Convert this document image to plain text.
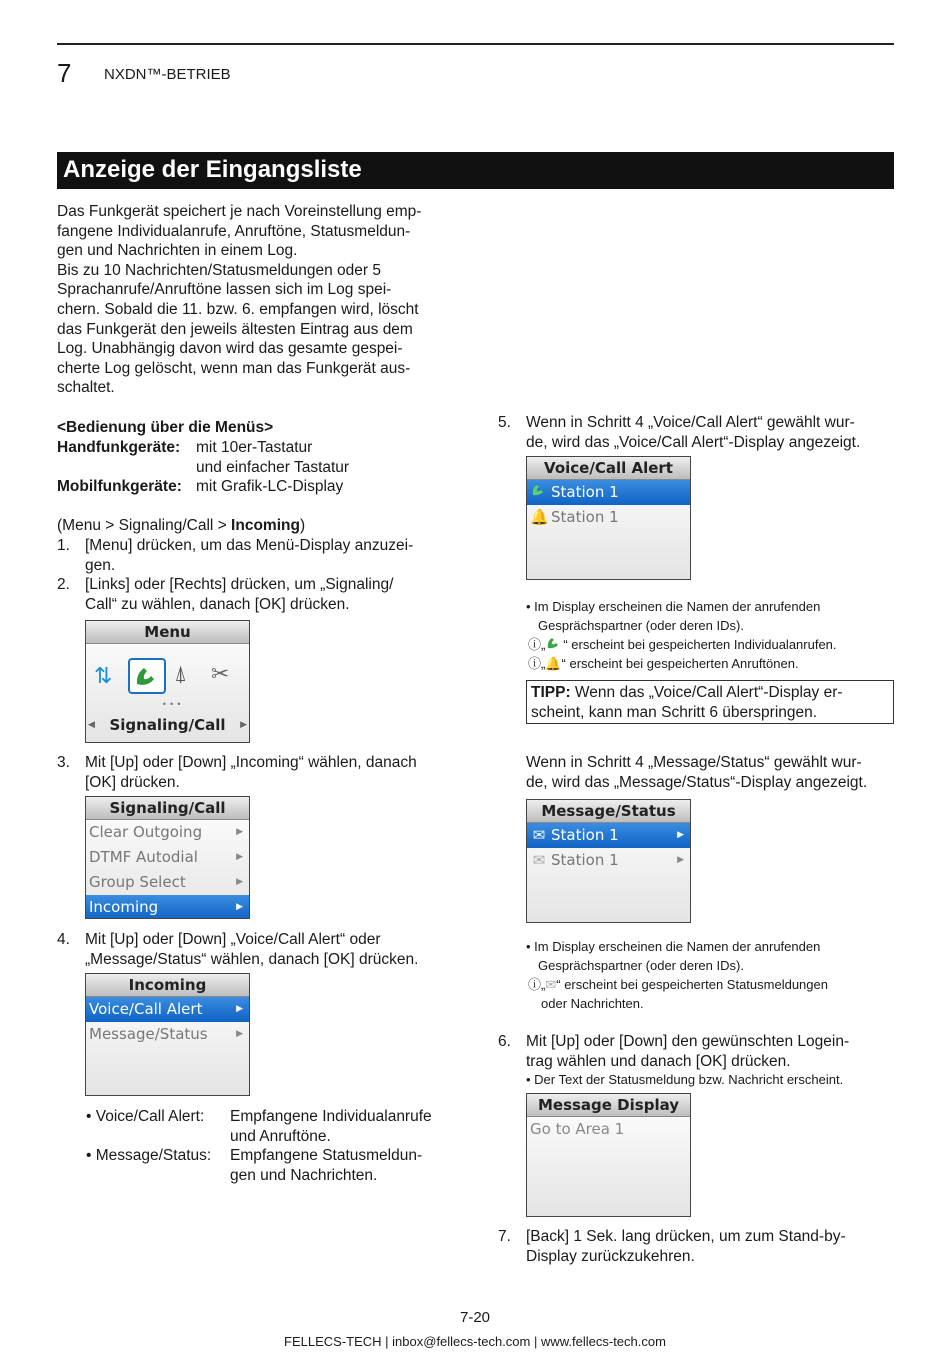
7 NXDN™-BETRIEB
Anzeige der Eingangsliste
Das Funkgerät speichert je nach Voreinstellung emp-
fangene Individualanrufe, Anruftöne, Statusmeldun-
gen und Nachrichten in einem Log.
Bis zu 10 Nachrichten/Statusmeldungen oder 5
Sprachanrufe/Anruftöne lassen sich im Log spei-
chern. Sobald die 11. bzw. 6. empfangen wird, löscht
das Funkgerät den jeweils ältesten Eintrag aus dem
Log. Unabhängig davon wird das gesamte gespei-
cherte Log gelöscht, wenn man das Funkgerät aus-
schaltet.
<Bedienung über die Menüs>
Handfunkgeräte: mit 10er-Tastatur
und einfacher Tastatur
Mobilfunkgeräte: mit Grafik-LC-Display
(Menu > Signaling/Call > Incoming)
1. [Menu] drücken, um das Menü-Display anzuzei-
gen.
2. [Links] oder [Rechts] drücken, um „Signaling/
Call“ zu wählen, danach [OK] drücken.
Menu
⇅	⍋ ✂
• • •
◀ Signaling/Call ▶
3. Mit [Up] oder [Down] „Incoming“ wählen, danach
[OK] drücken.
Signaling/Call
Clear Outgoing	▶
DTMF Autodial	▶
Group Select	▶
Incoming	▶
4. Mit [Up] oder [Down] „Voice/Call Alert“ oder
„Message/Status“ wählen, danach [OK] drücken.
Incoming
Voice/Call Alert	▶
Message/Status	▶
• Voice/Call Alert: Empfangene Individualanrufe
und Anruftöne.
• Message/Status: Empfangene Statusmeldun-
gen und Nachrichten.
5. Wenn in Schritt 4 „Voice/Call Alert“ gewählt wur-
de, wird das „Voice/Call Alert“-Display angezeigt.
Voice/Call Alert
Station 1
🔔 Station 1
• Im Display erscheinen die Namen der anrufenden
Gesprächspartner (oder deren IDs).
ⓘ„ “ erscheint bei gespeicherten Individualanrufen.
ⓘ„🔔“ erscheint bei gespeicherten Anruftönen.
TIPP: Wenn das „Voice/Call Alert“-Display er-
scheint, kann man Schritt 6 überspringen.
Wenn in Schritt 4 „Message/Status“ gewählt wur-
de, wird das „Message/Status“-Display angezeigt.
Message/Status
✉ Station 1	▶
✉ Station 1	▶
• Im Display erscheinen die Namen der anrufenden
Gesprächspartner (oder deren IDs).
ⓘ„✉“ erscheint bei gespeicherten Statusmeldungen
oder Nachrichten.
6. Mit [Up] oder [Down] den gewünschten Logein-
trag wählen und danach [OK] drücken.
• Der Text der Statusmeldung bzw. Nachricht erscheint.
Message Display
Go to Area 1
7. [Back] 1 Sek. lang drücken, um zum Stand-by-
Display zurückzukehren.
7-20
FELLECS-TECH | inbox@fellecs-tech.com | www.fellecs-tech.com
